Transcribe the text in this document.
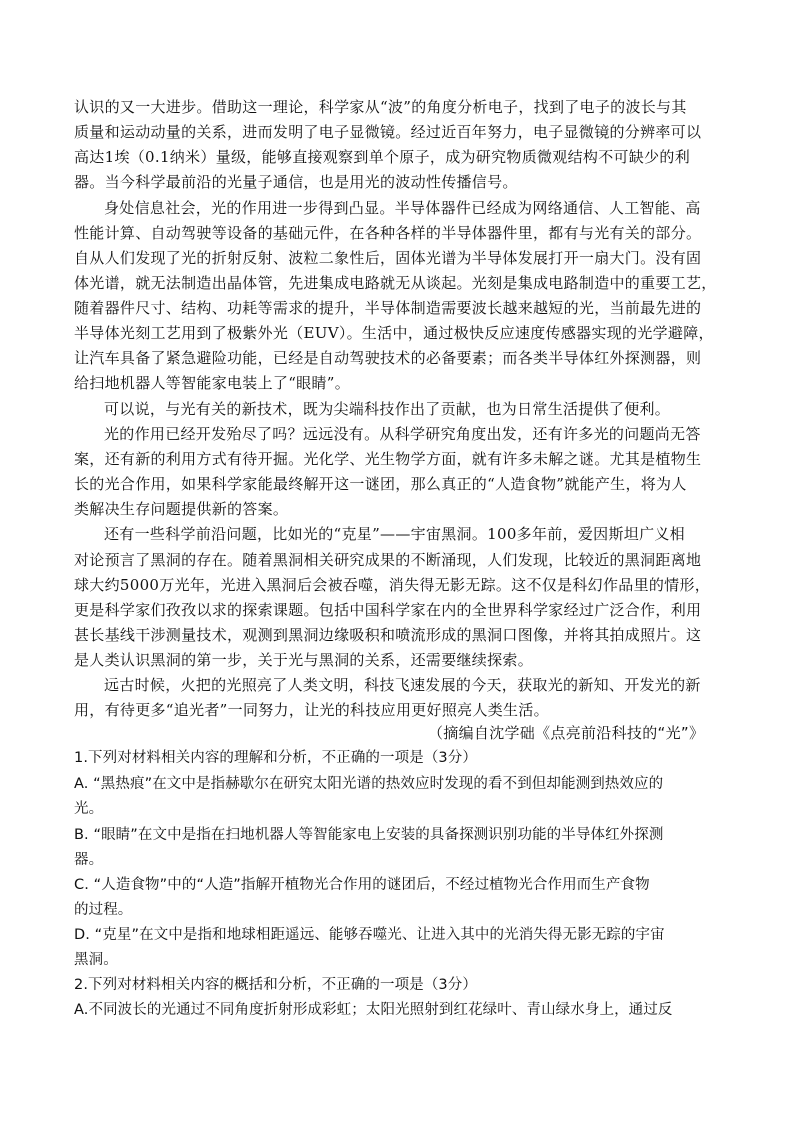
认识的又一大进步。借助这一理论，科学家从“波”的角度分析电子，找到了电子的波长与其
质量和运动动量的关系，进而发明了电子显微镜。经过近百年努力，电子显微镜的分辨率可以
高达1埃（0.1纳米）量级，能够直接观察到单个原子，成为研究物质微观结构不可缺少的利
器。当今科学最前沿的光量子通信，也是用光的波动性传播信号。
身处信息社会，光的作用进一步得到凸显。半导体器件已经成为网络通信、人工智能、高
性能计算、自动驾驶等设备的基础元件，在各种各样的半导体器件里，都有与光有关的部分。
自从人们发现了光的折射反射、波粒二象性后，固体光谱为半导体发展打开一扇大门。没有固
体光谱，就无法制造出晶体管，先进集成电路就无从谈起。光刻是集成电路制造中的重要工艺，
随着器件尺寸、结构、功耗等需求的提升，半导体制造需要波长越来越短的光，当前最先进的
半导体光刻工艺用到了极紫外光（EUV）。生活中，通过极快反应速度传感器实现的光学避障，
让汽车具备了紧急避险功能，已经是自动驾驶技术的必备要素；而各类半导体红外探测器，则
给扫地机器人等智能家电装上了“眼睛”。
可以说，与光有关的新技术，既为尖端科技作出了贡献，也为日常生活提供了便利。
光的作用已经开发殆尽了吗？远远没有。从科学研究角度出发，还有许多光的问题尚无答
案，还有新的利用方式有待开掘。光化学、光生物学方面，就有许多未解之谜。尤其是植物生
长的光合作用，如果科学家能最终解开这一谜团，那么真正的“人造食物”就能产生，将为人
类解决生存问题提供新的答案。
还有一些科学前沿问题，比如光的“克星”——宇宙黑洞。100多年前，爱因斯坦广义相
对论预言了黑洞的存在。随着黑洞相关研究成果的不断涌现，人们发现，比较近的黑洞距离地
球大约5000万光年，光进入黑洞后会被吞噬，消失得无影无踪。这不仅是科幻作品里的情形，
更是科学家们孜孜以求的探索课题。包括中国科学家在内的全世界科学家经过广泛合作，利用
甚长基线干涉测量技术，观测到黑洞边缘吸积和喷流形成的黑洞口图像，并将其拍成照片。这
是人类认识黑洞的第一步，关于光与黑洞的关系，还需要继续探索。
远古时候，火把的光照亮了人类文明，科技飞速发展的今天，获取光的新知、开发光的新
用，有待更多“追光者”一同努力，让光的科技应用更好照亮人类生活。
（摘编自沈学础《点亮前沿科技的“光”》
1.下列对材料相关内容的理解和分析，不正确的一项是（3分）
A. “黑热痕”在文中是指赫歇尔在研究太阳光谱的热效应时发现的看不到但却能测到热效应的
光。
B. “眼睛”在文中是指在扫地机器人等智能家电上安装的具备探测识别功能的半导体红外探测
器。
C. “人造食物”中的“人造”指解开植物光合作用的谜团后，不经过植物光合作用而生产食物
的过程。
D. “克星”在文中是指和地球相距遥远、能够吞噬光、让进入其中的光消失得无影无踪的宇宙
黑洞。
2.下列对材料相关内容的概括和分析，不正确的一项是（3分）
A.不同波长的光通过不同角度折射形成彩虹；太阳光照射到红花绿叶、青山绿水身上，通过反
